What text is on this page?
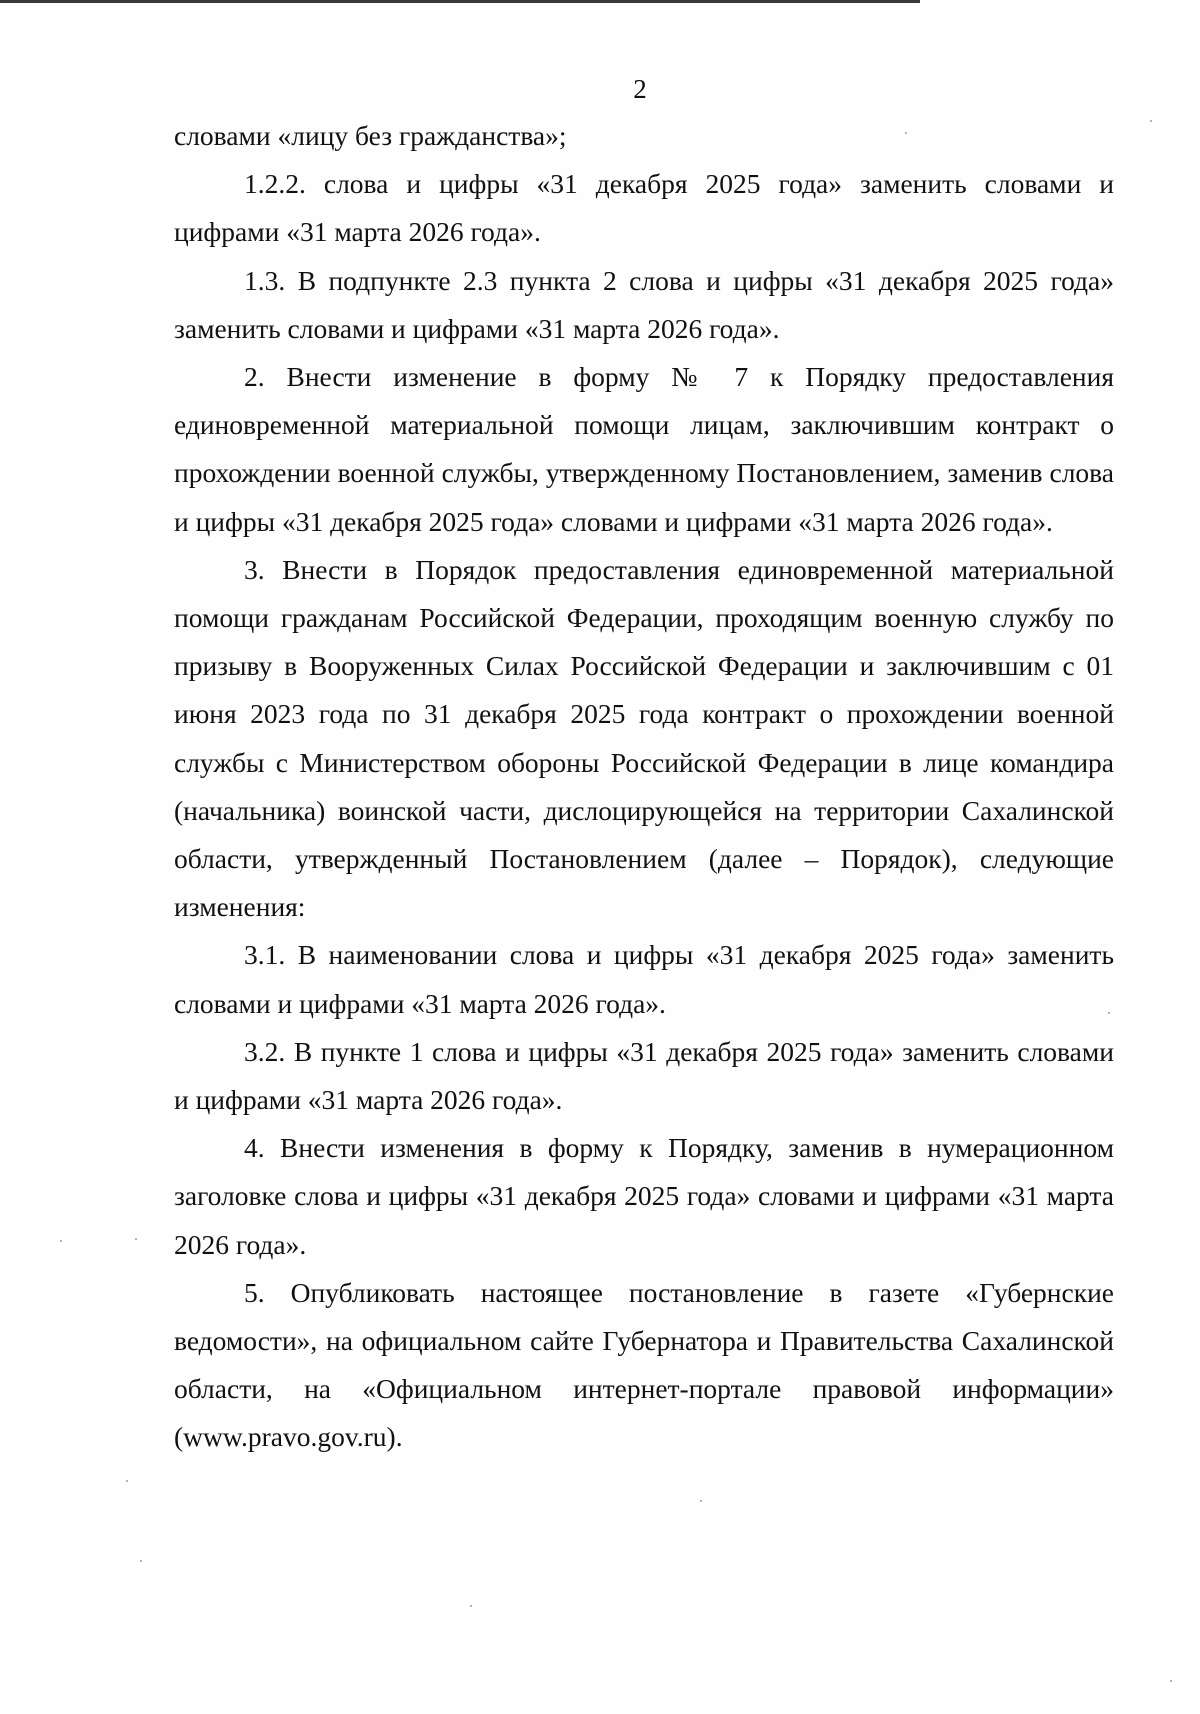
2

словами «лицу без гражданства»;

1.2.2. слова и цифры «31 декабря 2025 года» заменить словами и цифрами «31 марта 2026 года».

1.3. В подпункте 2.3 пункта 2 слова и цифры «31 декабря 2025 года» заменить словами и цифрами «31 марта 2026 года».

2. Внести изменение в форму № 7 к Порядку предоставления единовременной материальной помощи лицам, заключившим контракт о прохождении военной службы, утвержденному Постановлением, заменив слова и цифры «31 декабря 2025 года» словами и цифрами «31 марта 2026 года».

3. Внести в Порядок предоставления единовременной материальной помощи гражданам Российской Федерации, проходящим военную службу по призыву в Вооруженных Силах Российской Федерации и заключившим с 01 июня 2023 года по 31 декабря 2025 года контракт о прохождении военной службы с Министерством обороны Российской Федерации в лице командира (начальника) воинской части, дислоцирующейся на территории Сахалинской области, утвержденный Постановлением (далее – Порядок), следующие изменения:

3.1. В наименовании слова и цифры «31 декабря 2025 года» заменить словами и цифрами «31 марта 2026 года».

3.2. В пункте 1 слова и цифры «31 декабря 2025 года» заменить словами и цифрами «31 марта 2026 года».

4. Внести изменения в форму к Порядку, заменив в нумерационном заголовке слова и цифры «31 декабря 2025 года» словами и цифрами «31 марта 2026 года».

5. Опубликовать настоящее постановление в газете «Губернские ведомости», на официальном сайте Губернатора и Правительства Сахалинской области, на «Официальном интернет-портале правовой информации» (www.pravo.gov.ru).
